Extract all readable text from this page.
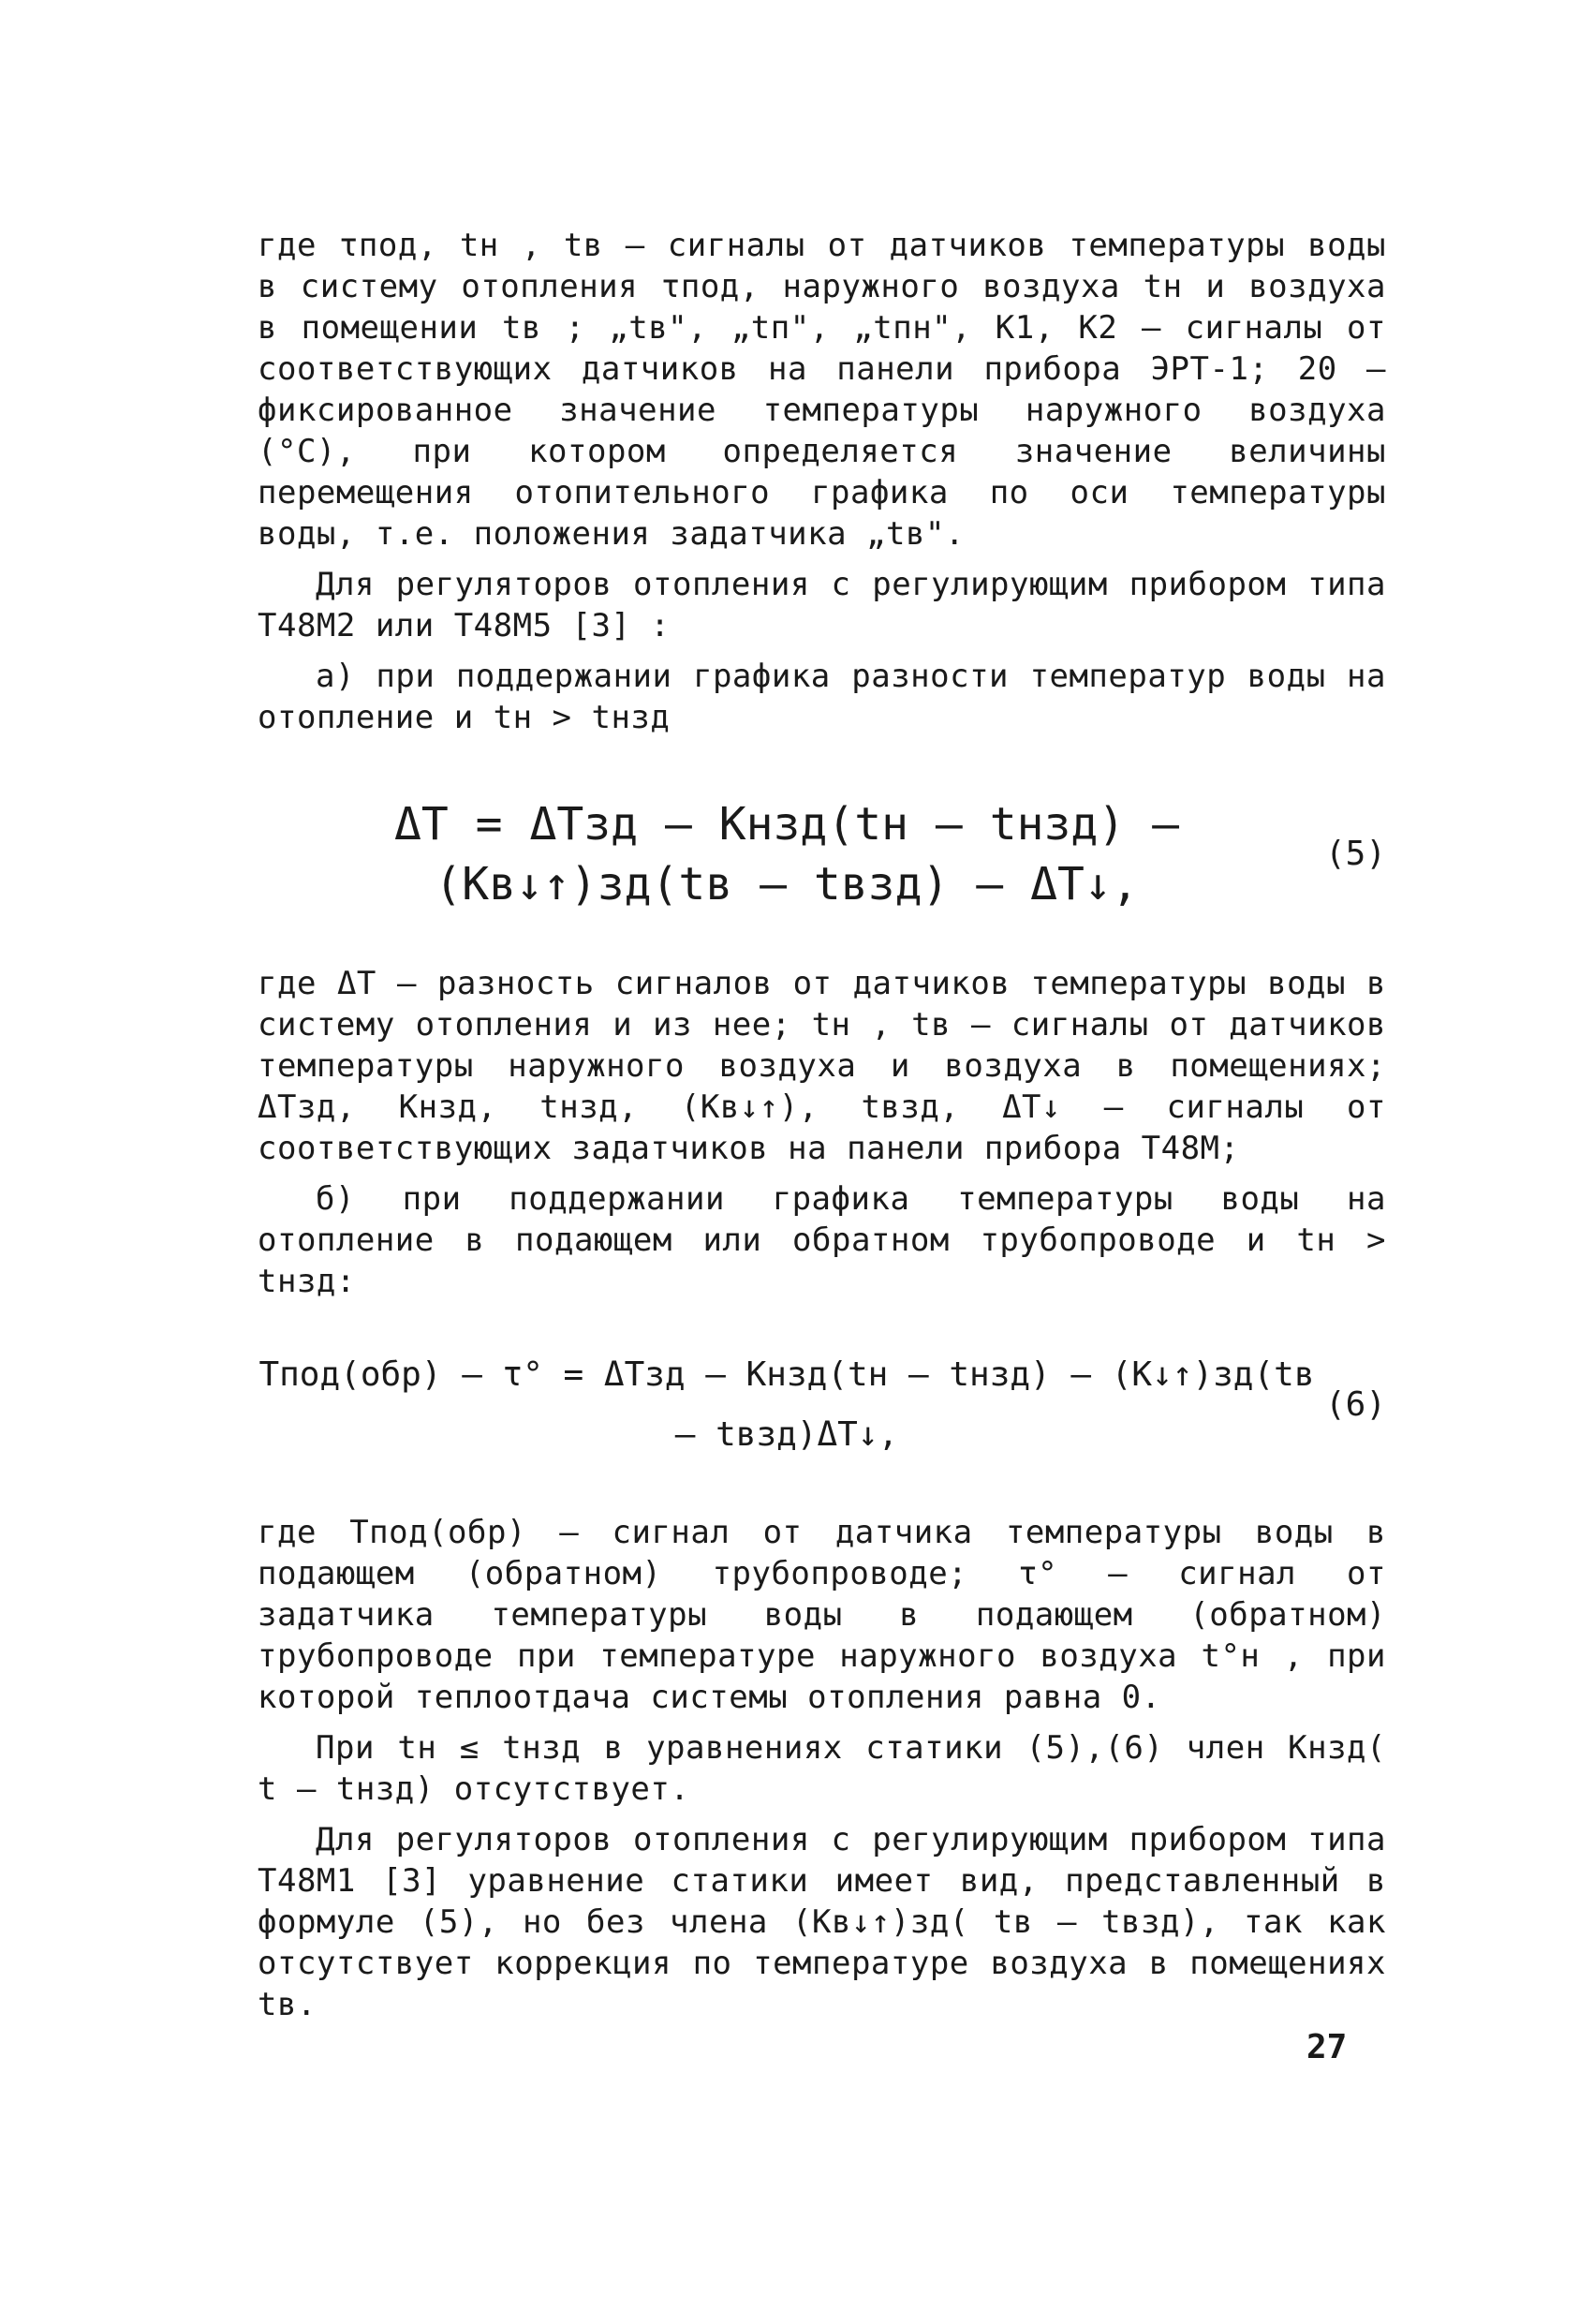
где τпод, tн , tв – сигналы от датчиков температуры воды в систему отопления τпод, наружного воздуха tн и воздуха в помещении tв ; „tв", „tп", „tпн", К1, К2 – сигналы от соответствующих датчиков на панели прибора ЭРТ-1; 20 – фиксированное значение температуры наружного воздуха (°С), при котором определяется значение величины перемещения отопительного графика по оси температуры воды, т.е. положения задатчика „tв".

Для регуляторов отопления с регулирующим прибором типа Т48М2 или Т48М5 [3] :

а) при поддержании графика разности температур воды на отопление и tн > tнзд

ΔТ = ΔТзд – Кнзд(tн – tнзд) – (Кв↓↑)зд(tв – tвзд) – ΔТ↓,
(5)

где ΔТ – разность сигналов от датчиков температуры воды в систему отопления и из нее; tн , tв – сигналы от датчиков температуры наружного воздуха и воздуха в помещениях; ΔТзд, Кнзд, tнзд, (Кв↓↑), tвзд, ΔТ↓ – сигналы от соответствующих задатчиков на панели прибора Т48М;

б) при поддержании графика температуры воды на отопление в подающем или обратном трубопроводе и tн > tнзд:

Тпод(обр) – τ° = ΔТзд – Кнзд(tн – tнзд) – (К↓↑)зд(tв – tвзд)ΔТ↓,
(6)

где Тпод(обр) – сигнал от датчика температуры воды в подающем (обратном) трубопроводе; τ° – сигнал от задатчика температуры воды в подающем (обратном) трубопроводе при температуре наружного воздуха t°н , при которой теплоотдача системы отопления равна 0.

При tн ≤ tнзд в уравнениях статики (5),(6) член Кнзд( t – tнзд) отсутствует.

Для регуляторов отопления с регулирующим прибором типа Т48М1 [3] уравнение статики имеет вид, представленный в формуле (5), но без члена (Кв↓↑)зд( tв – tвзд), так как отсутствует коррекция по температуре воздуха в помещениях tв.

27
